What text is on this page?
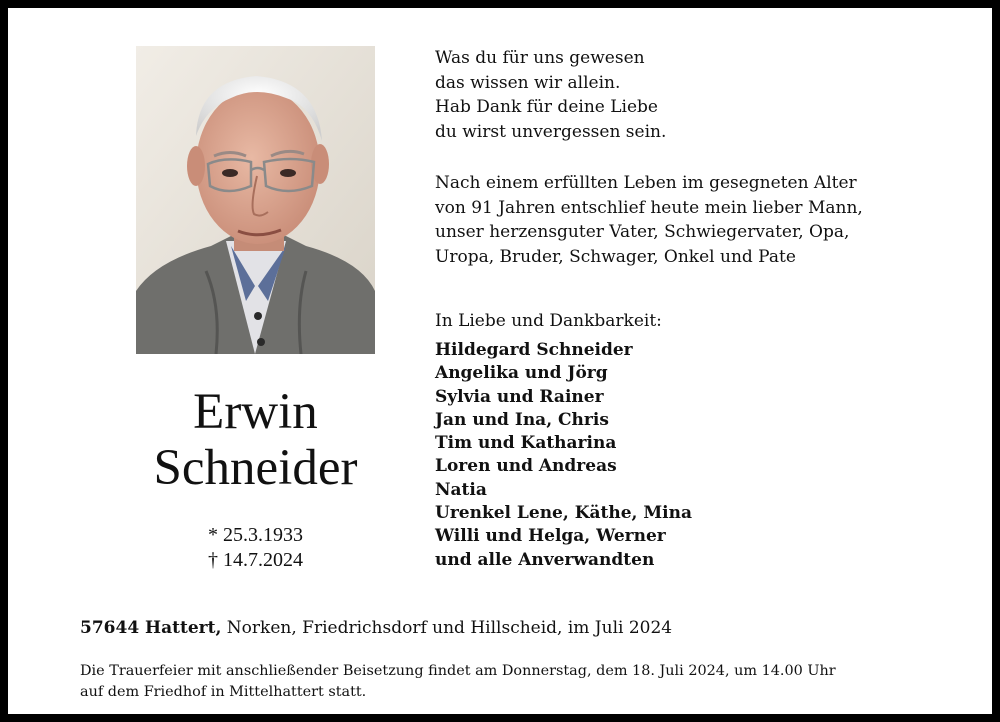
Erwin
Schneider
* 25.3.1933
† 14.7.2024
Was du für uns gewesen
das wissen wir allein.
Hab Dank für deine Liebe
du wirst unvergessen sein.
Nach einem erfüllten Leben im gesegneten Alter
von 91 Jahren entschlief heute mein lieber Mann,
unser herzensguter Vater, Schwiegervater, Opa,
Uropa, Bruder, Schwager, Onkel und Pate
In Liebe und Dankbarkeit:
Hildegard Schneider
Angelika und Jörg
Sylvia und Rainer
Jan und Ina, Chris
Tim und Katharina
Loren und Andreas
Natia
Urenkel Lene, Käthe, Mina
Willi und Helga, Werner
und alle Anverwandten
57644 Hattert, Norken, Friedrichsdorf und Hillscheid, im Juli 2024
Die Trauerfeier mit anschließender Beisetzung findet am Donnerstag, dem 18. Juli 2024, um 14.00 Uhr
auf dem Friedhof in Mittelhattert statt.
